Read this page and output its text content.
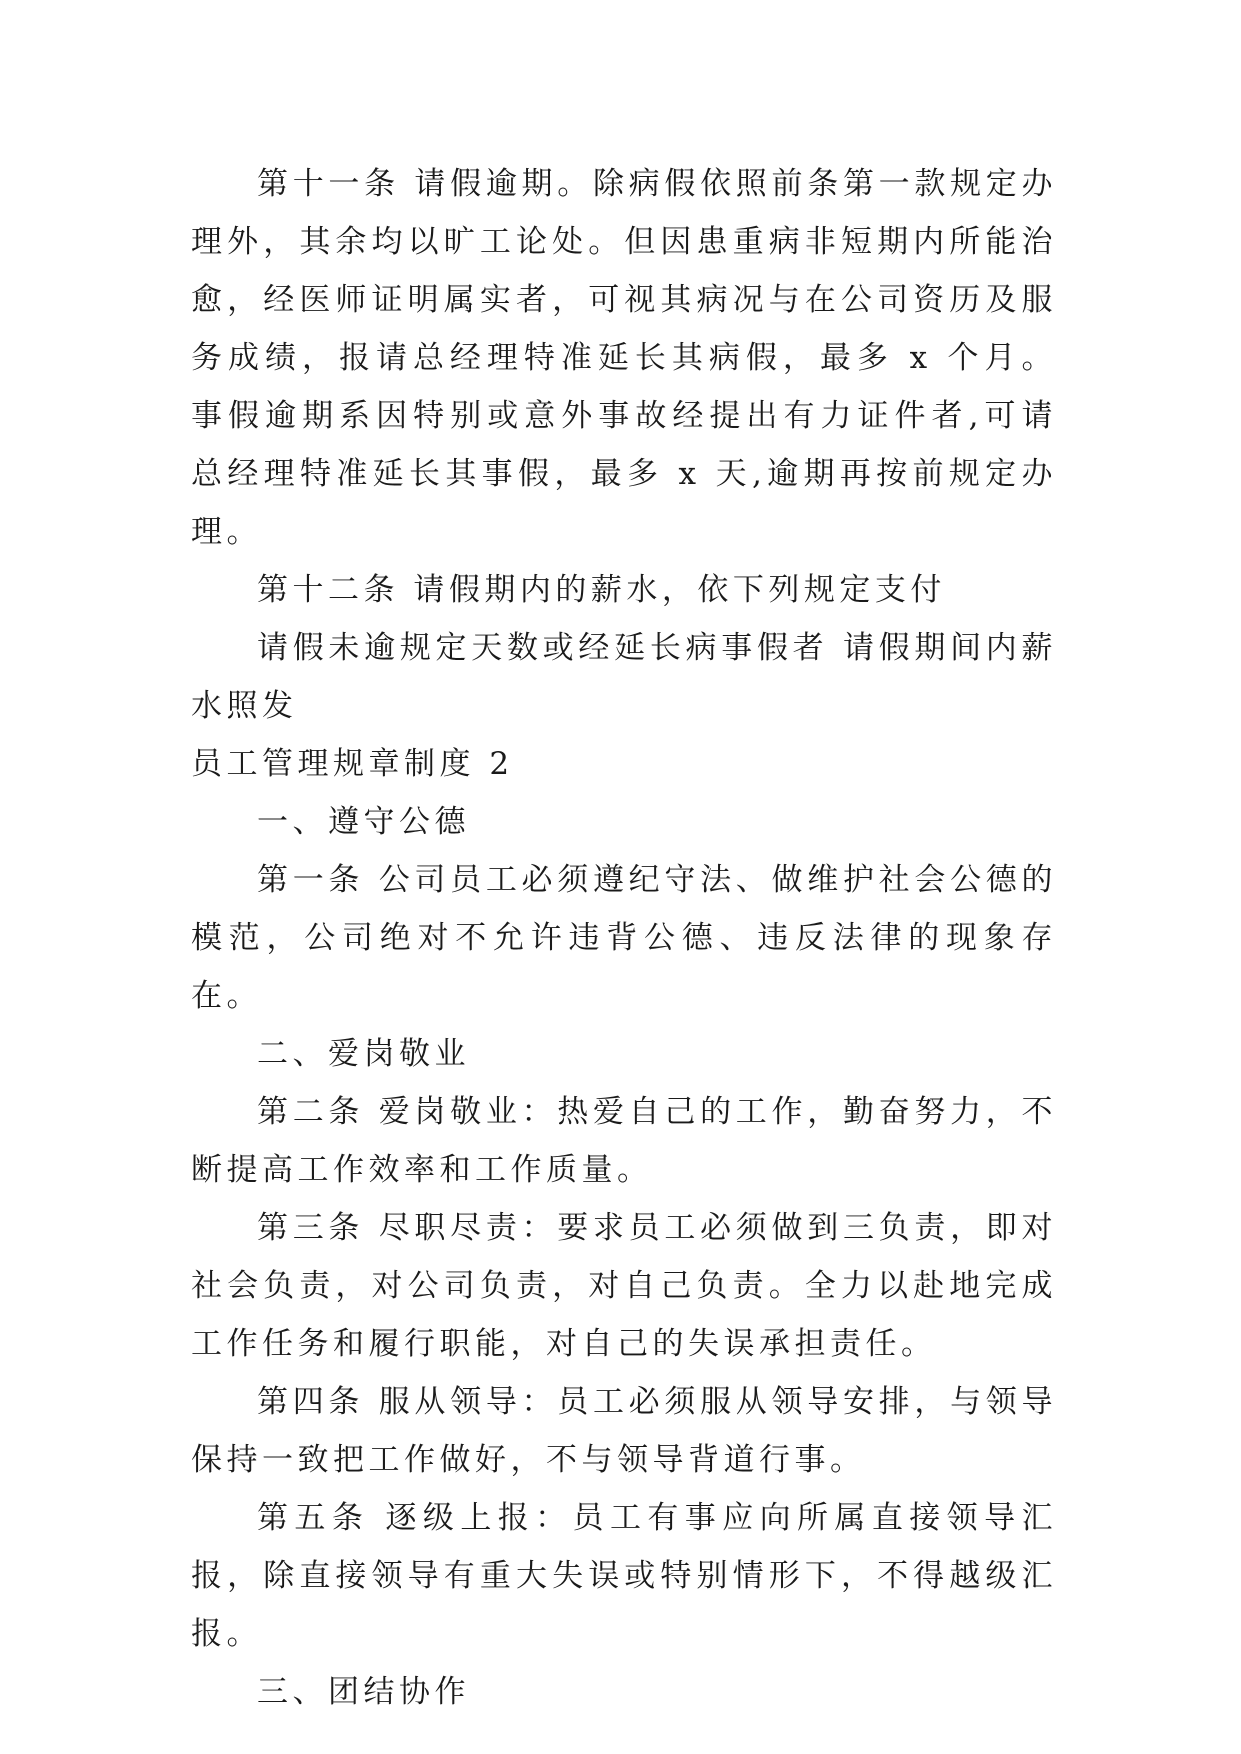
第十一条 请假逾期。除病假依照前条第一款规定办理外，其余均以旷工论处。但因患重病非短期内所能治愈，经医师证明属实者，可视其病况与在公司资历及服务成绩，报请总经理特准延长其病假，最多 x 个月。事假逾期系因特别或意外事故经提出有力证件者,可请总经理特准延长其事假，最多 x 天,逾期再按前规定办理。

第十二条 请假期内的薪水，依下列规定支付

请假未逾规定天数或经延长病事假者 请假期间内薪水照发

员工管理规章制度 2

一、遵守公德

第一条 公司员工必须遵纪守法、做维护社会公德的模范，公司绝对不允许违背公德、违反法律的现象存在。

二、爱岗敬业

第二条 爱岗敬业：热爱自己的工作，勤奋努力，不断提高工作效率和工作质量。

第三条 尽职尽责：要求员工必须做到三负责，即对社会负责，对公司负责，对自己负责。全力以赴地完成工作任务和履行职能，对自己的失误承担责任。

第四条 服从领导：员工必须服从领导安排，与领导保持一致把工作做好，不与领导背道行事。

第五条 逐级上报：员工有事应向所属直接领导汇报，除直接领导有重大失误或特别情形下，不得越级汇报。

三、团结协作
